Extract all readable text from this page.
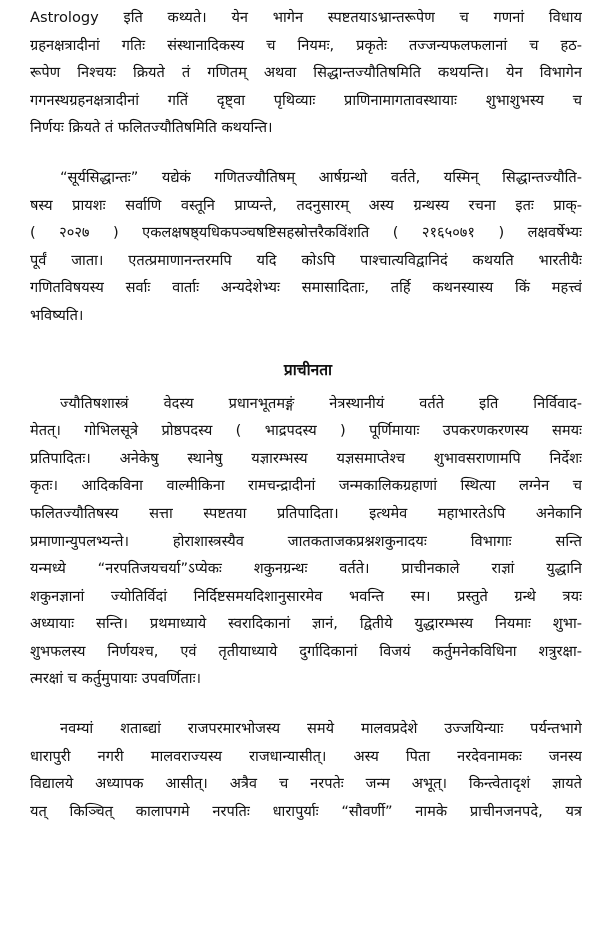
Astrology इति कथ्यते। येन भागेन स्पष्टतयाऽभ्रान्तरूपेण च गणनां विधाय

ग्रहनक्षत्रादीनां गतिः संस्थानादिकस्य च नियमः, प्रकृतेः तज्जन्यफलफलानां च हठ-

रूपेण निश्चयः क्रियते तं गणितम् अथवा सिद्धान्तज्यौतिषमिति कथयन्ति। येन विभागेन

गगनस्थग्रहनक्षत्रादीनां गतिं दृष्ट्वा पृथिव्याः प्राणिनामागतावस्थायाः शुभाशुभस्य च

निर्णयः क्रियते तं फलितज्यौतिषमिति कथयन्ति।

“सूर्यसिद्धान्तः” यद्येकं गणितज्यौतिषम् आर्षग्रन्थो वर्तते, यस्मिन् सिद्धान्तज्यौति-

षस्य प्रायशः सर्वाणि वस्तूनि प्राप्यन्ते, तदनुसारम् अस्य ग्रन्थस्य रचना इतः प्राक्-

( २०२७ ) एकलक्षषष्ठ्यधिकपञ्चषष्टिसहस्रोत्तरैकविंशति ( २१६५०७१ ) लक्षवर्षेभ्यः

पूर्वं जाता। एतत्प्रमाणानन्तरमपि यदि कोऽपि पाश्चात्यविद्वानिदं कथयति भारतीयैः

गणितविषयस्य सर्वाः वार्ताः अन्यदेशेभ्यः समासादिताः, तर्हि कथनस्यास्य किं महत्त्वं

भविष्यति।

प्राचीनता

ज्यौतिषशास्त्रं वेदस्य प्रधानभूतमङ्गं नेत्रस्थानीयं वर्तते इति निर्विवाद-

मेतत्। गोभिलसूत्रे प्रोष्ठपदस्य ( भाद्रपदस्य ) पूर्णिमायाः उपकरणकरणस्य समयः

प्रतिपादितः। अनेकेषु स्थानेषु यज्ञारम्भस्य यज्ञसमाप्तेश्च शुभावसराणामपि निर्देशः

कृतः। आदिकविना वाल्मीकिना रामचन्द्रादीनां जन्मकालिकग्रहाणां स्थित्या लग्नेन च

फलितज्यौतिषस्य सत्ता स्पष्टतया प्रतिपादिता। इत्थमेव महाभारतेऽपि अनेकानि

प्रमाणान्युपलभ्यन्ते। होराशास्त्रस्यैव जातकताजकप्रश्नशकुनादयः विभागाः सन्ति

यन्मध्ये “नरपतिजयचर्या”ऽप्येकः शकुनग्रन्थः वर्तते। प्राचीनकाले राज्ञां युद्धानि

शकुनज्ञानां ज्योतिर्विदां निर्दिष्टसमयदिशानुसारमेव भवन्ति स्म। प्रस्तुते ग्रन्थे त्रयः

अध्यायाः सन्ति। प्रथमाध्याये स्वरादिकानां ज्ञानं, द्वितीये युद्धारम्भस्य नियमाः शुभा-

शुभफलस्य निर्णयश्च, एवं तृतीयाध्याये दुर्गादिकानां विजयं कर्तुमनेकविधिना शत्रुरक्षा-

त्मरक्षां च कर्तुमुपायाः उपवर्णिताः।

नवम्यां शताब्द्यां राजपरमारभोजस्य समये मालवप्रदेशे उज्जयिन्याः पर्यन्तभागे

धारापुरी नगरी मालवराज्यस्य राजधान्यासीत्। अस्य पिता नरदेवनामकः जनस्य

विद्यालये अध्यापक आसीत्। अत्रैव च नरपतेः जन्म अभूत्। किन्त्वेतादृशं ज्ञायते

यत् किञ्चित् कालापगमे नरपतिः धारापुर्याः “सौवर्णी” नामके प्राचीनजनपदे, यत्र
